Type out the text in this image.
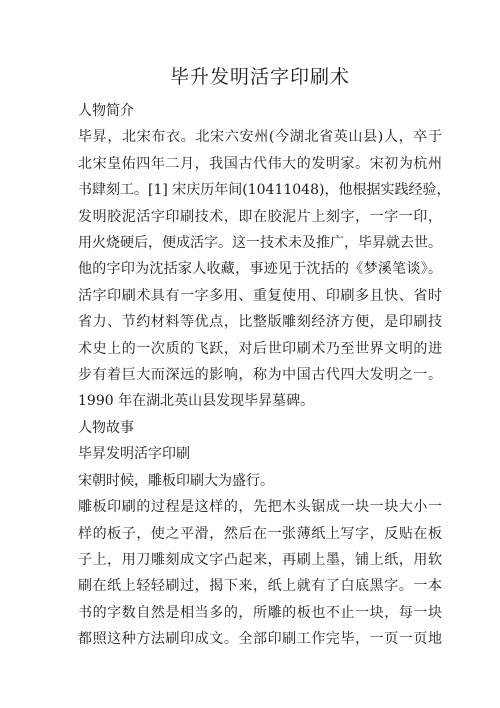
毕升发明活字印刷术
人物简介
毕昇，北宋布衣。北宋六安州(今湖北省英山县)人，卒于
北宋皇佑四年二月，我国古代伟大的发明家。宋初为杭州
书肆刻工。[1] 宋庆历年间(10411048)，他根据实践经验，
发明胶泥活字印刷技术，即在胶泥片上刻字，一字一印，
用火烧硬后，便成活字。这一技术未及推广，毕昇就去世。
他的字印为沈括家人收藏，事迹见于沈括的《梦溪笔谈》。
活字印刷术具有一字多用、重复使用、印刷多且快、省时
省力、节约材料等优点，比整版雕刻经济方便，是印刷技
术史上的一次质的飞跃，对后世印刷术乃至世界文明的进
步有着巨大而深远的影响，称为中国古代四大发明之一。
1990 年在湖北英山县发现毕昇墓碑。
人物故事
毕昇发明活字印刷
宋朝时候，雕板印刷大为盛行。
雕板印刷的过程是这样的，先把木头锯成一块一块大小一
样的板子，使之平滑，然后在一张薄纸上写字，反贴在板
子上，用刀雕刻成文字凸起来，再刷上墨，铺上纸，用软
刷在纸上轻轻刷过，揭下来，纸上就有了白底黑字。一本
书的字数自然是相当多的，所雕的板也不止一块，每一块
都照这种方法刷印成文。全部印刷工作完毕，一页一页地
